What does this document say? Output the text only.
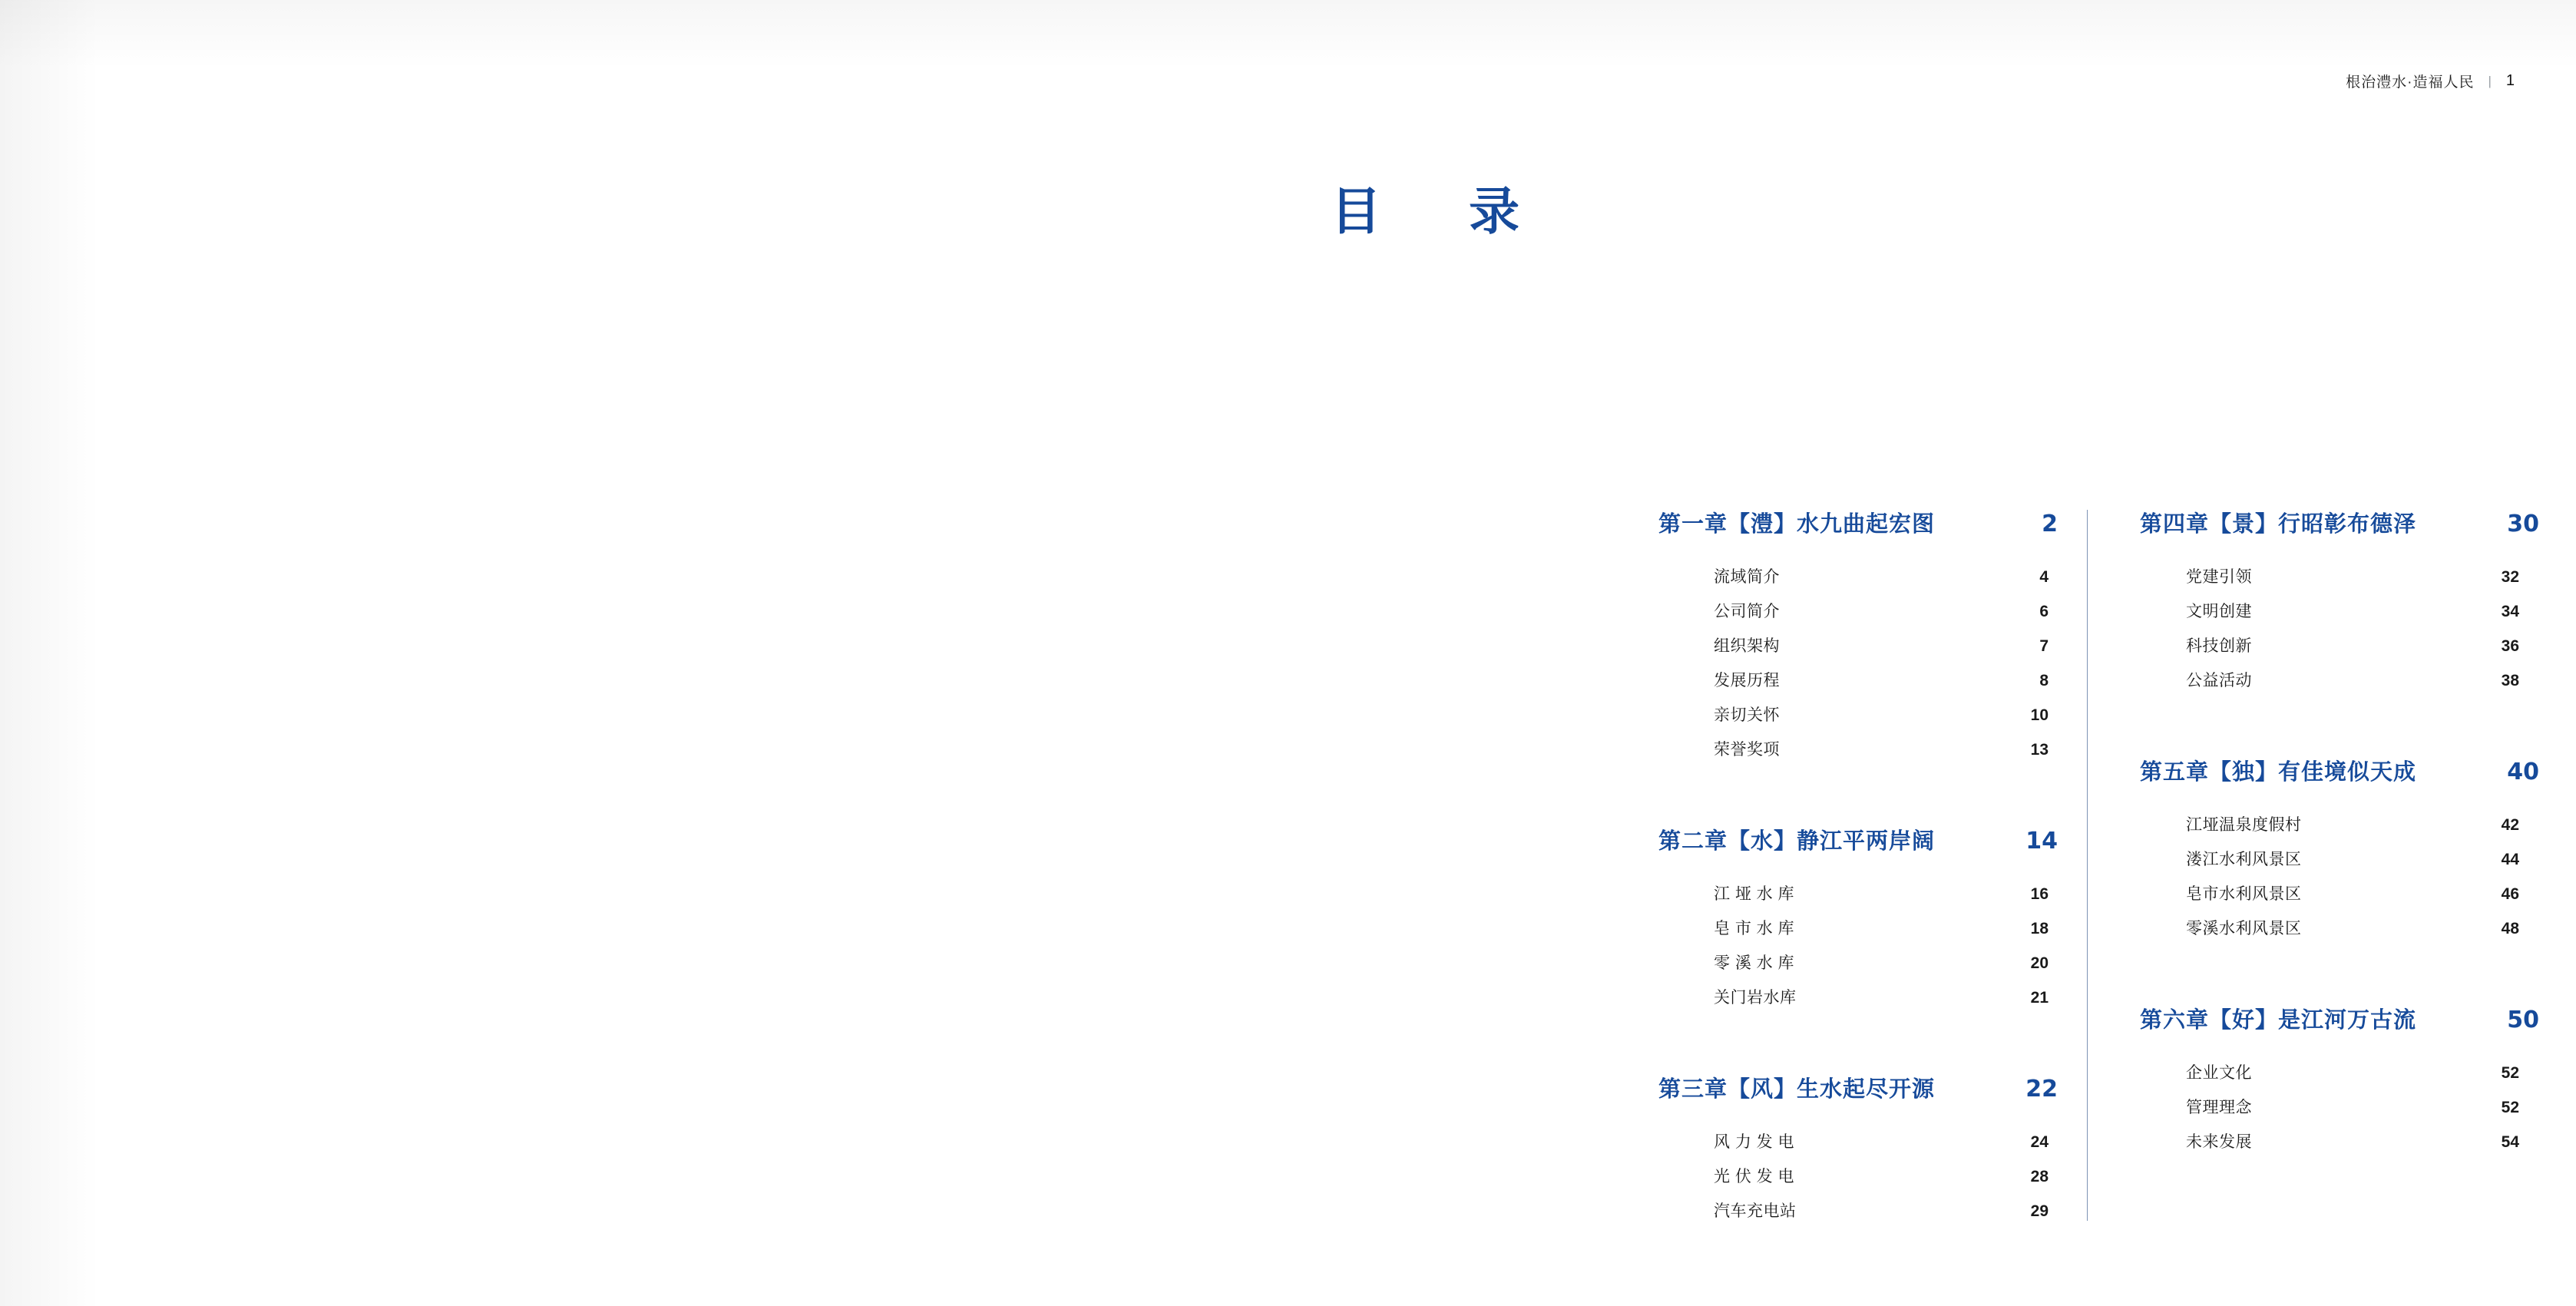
根治澧水·造福人民 | 1
目　录
第一章 【澧】水九曲起宏图	2
流域简介	4
公司简介	6
组织架构	7
发展历程	8
亲切关怀	10
荣誉奖项	13
第二章 【水】静江平两岸阔	14
江 垭 水 库	16
皂 市 水 库	18
零 溪 水 库	20
关门岩水库	21
第三章 【风】生水起尽开源	22
风 力 发 电	24
光 伏 发 电	28
汽车充电站	29
第四章 【景】行昭彰布德泽	30
党建引领	32
文明创建	34
科技创新	36
公益活动	38
第五章 【独】有佳境似天成	40
江垭温泉度假村	42
溇江水利风景区	44
皂市水利风景区	46
零溪水利风景区	48
第六章 【好】是江河万古流	50
企业文化	52
管理理念	52
未来发展	54
